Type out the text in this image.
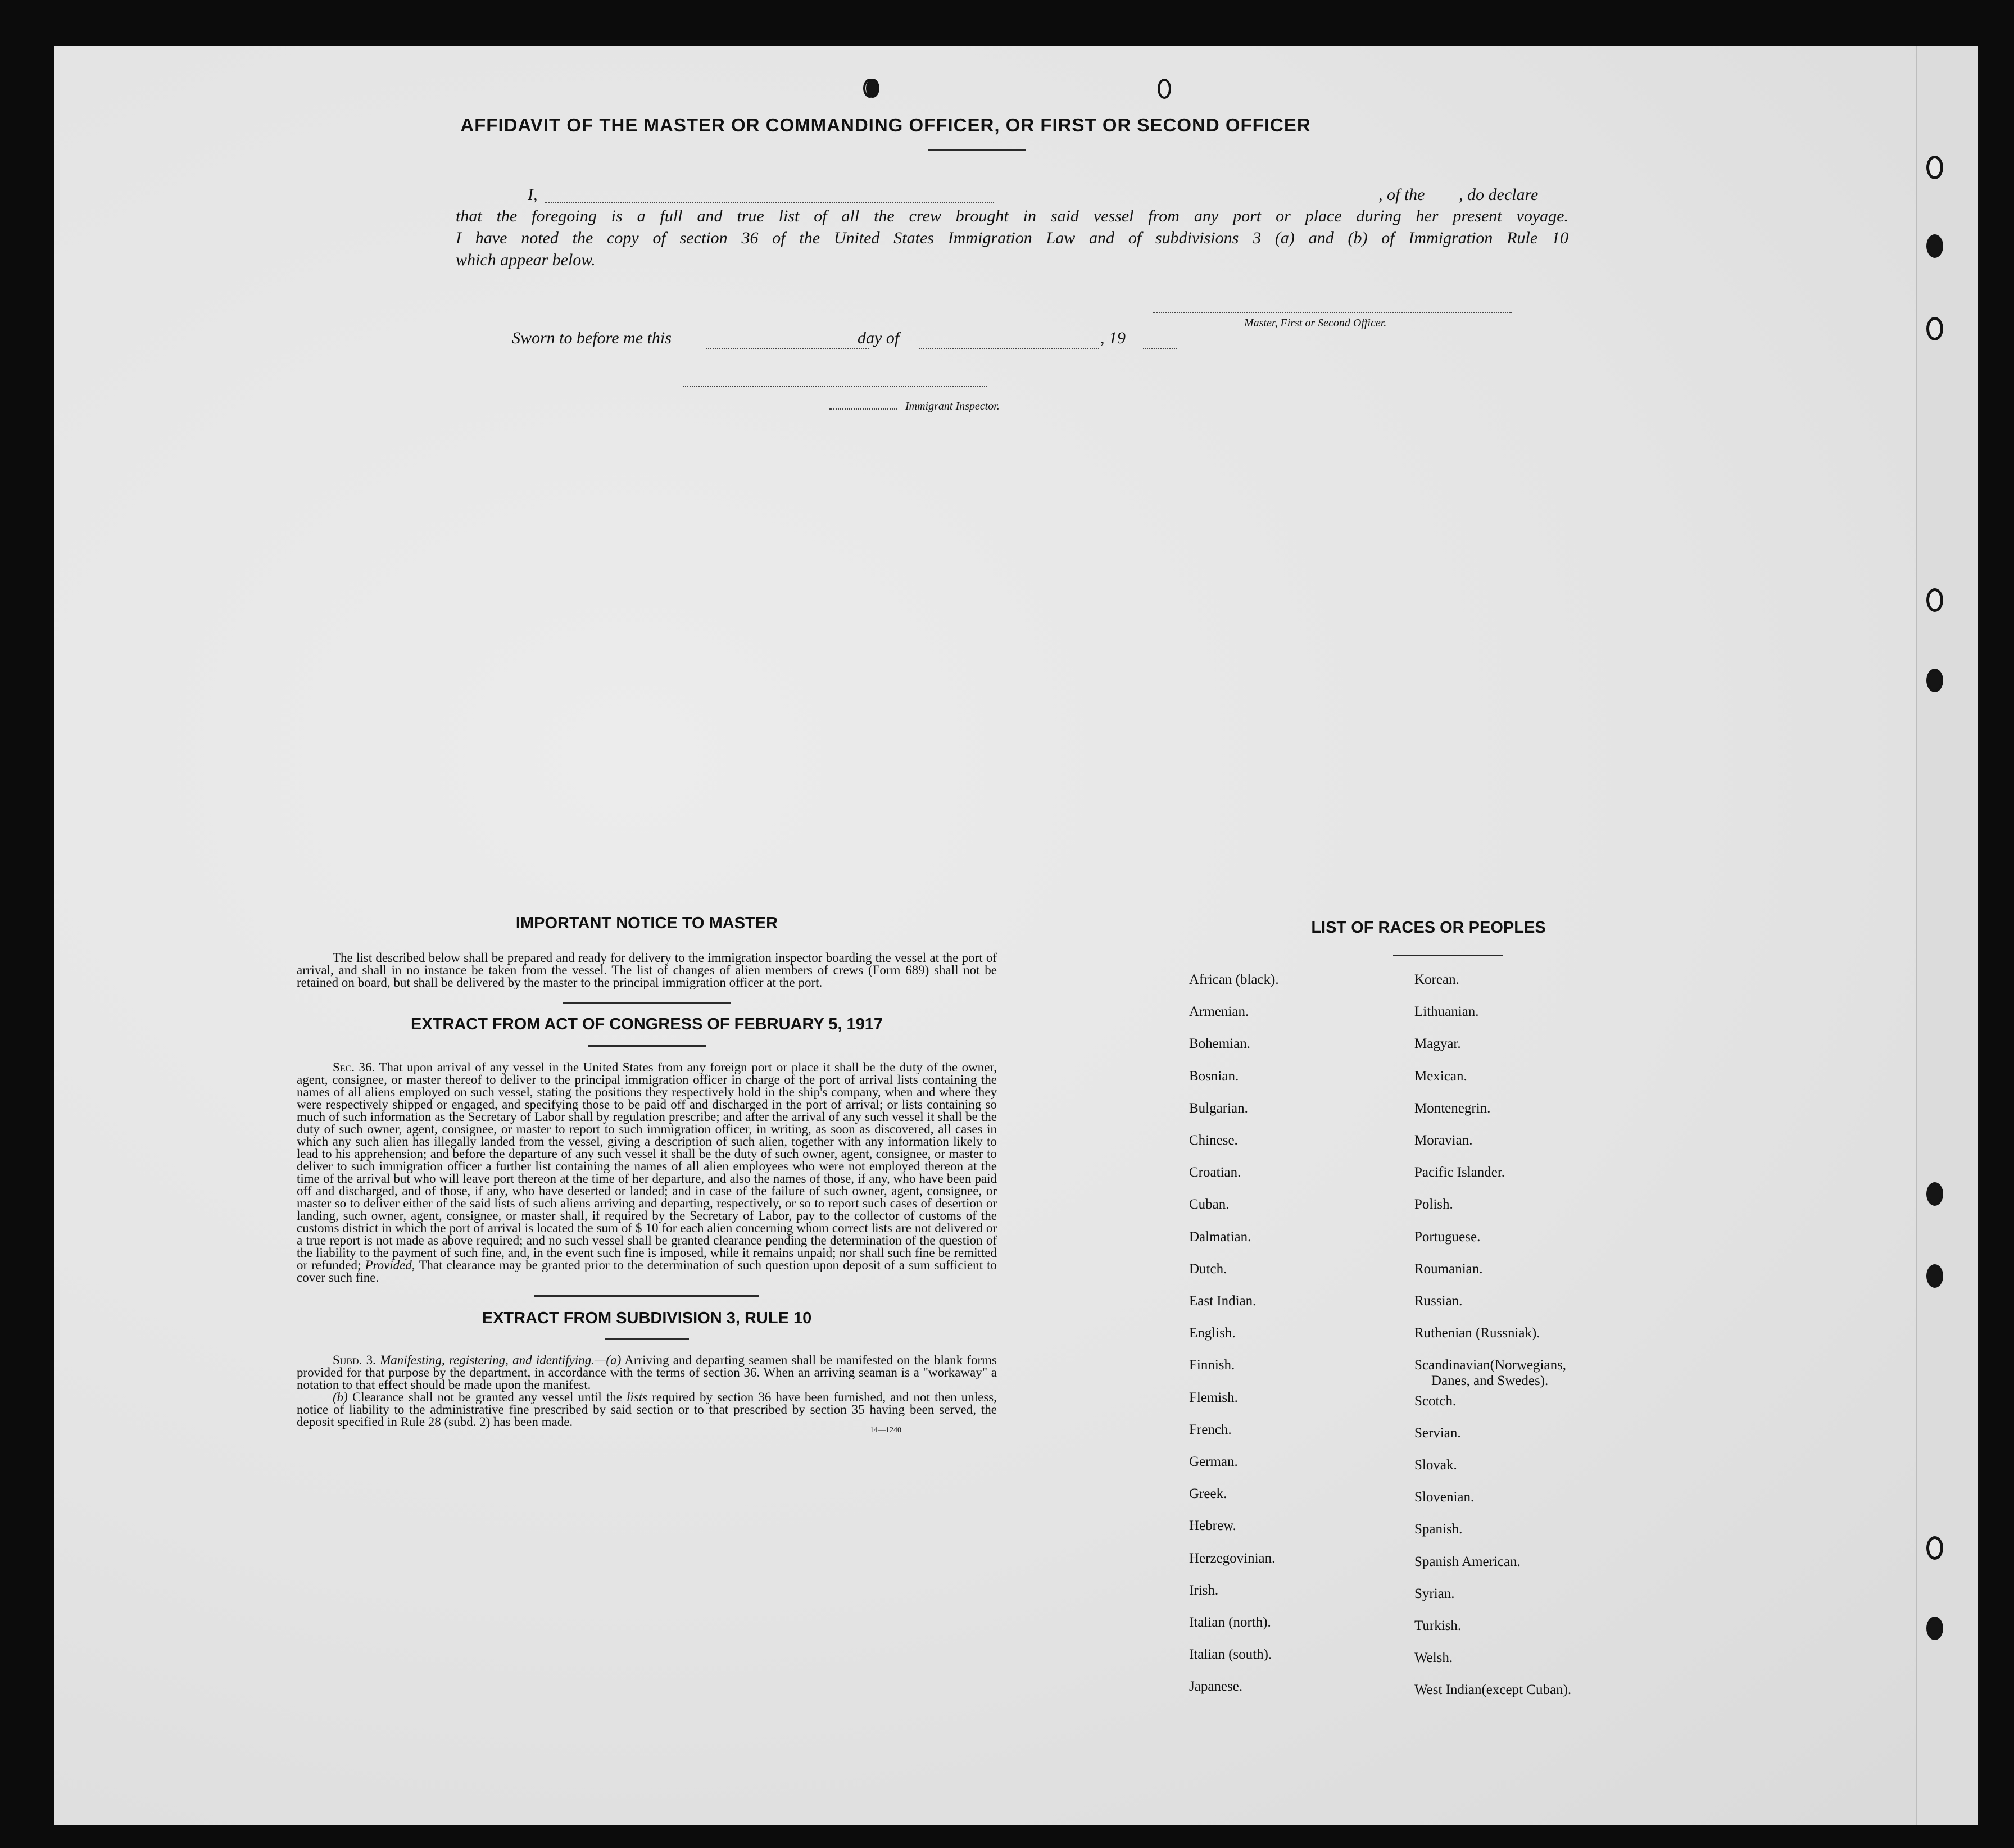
AFFIDAVIT OF THE MASTER OR COMMANDING OFFICER, OR FIRST OR SECOND OFFICER
I,	, of the , do declare
that the foregoing is a full and true list of all the crew brought in said vessel from any port or place during her present voyage.
I have noted the copy of section 36 of the United States Immigration Law and of subdivisions 3 (a) and (b) of Immigration Rule 10
which appear below.
Master, First or Second Officer.
Sworn to before me this	day of	, 19
Immigrant Inspector.
IMPORTANT NOTICE TO MASTER
The list described below shall be prepared and ready for delivery to the immigration inspector boarding the vessel at the port of arrival, and shall in no instance be taken from the vessel. The list of changes of alien members of crews (Form 689) shall not be retained on board, but shall be delivered by the master to the principal immigration officer at the port.
EXTRACT FROM ACT OF CONGRESS OF FEBRUARY 5, 1917
Sec. 36. That upon arrival of any vessel in the United States from any foreign port or place it shall be the duty of the owner, agent, consignee, or master thereof to deliver to the principal immigration officer in charge of the port of arrival lists containing the names of all aliens employed on such vessel, stating the positions they respectively hold in the ship's company, when and where they were respectively shipped or engaged, and specifying those to be paid off and discharged in the port of arrival; or lists containing so much of such information as the Secretary of Labor shall by regulation prescribe; and after the arrival of any such vessel it shall be the duty of such owner, agent, consignee, or master to report to such immigration officer, in writing, as soon as discovered, all cases in which any such alien has illegally landed from the vessel, giving a description of such alien, together with any information likely to lead to his apprehension; and before the departure of any such vessel it shall be the duty of such owner, agent, consignee, or master to deliver to such immigration officer a further list containing the names of all alien employees who were not employed thereon at the time of the arrival but who will leave port thereon at the time of her departure, and also the names of those, if any, who have been paid off and discharged, and of those, if any, who have deserted or landed; and in case of the failure of such owner, agent, consignee, or master so to deliver either of the said lists of such aliens arriving and departing, respectively, or so to report such cases of desertion or landing, such owner, agent, consignee, or master shall, if required by the Secretary of Labor, pay to the collector of customs of the customs district in which the port of arrival is located the sum of $ 10 for each alien concerning whom correct lists are not delivered or a true report is not made as above required; and no such vessel shall be granted clearance pending the determination of the question of the liability to the payment of such fine, and, in the event such fine is imposed, while it remains unpaid; nor shall such fine be remitted or refunded; Provided, That clearance may be granted prior to the determination of such question upon deposit of a sum sufficient to cover such fine.
EXTRACT FROM SUBDIVISION 3, RULE 10
Subd. 3. Manifesting, registering, and identifying.—(a) Arriving and departing seamen shall be manifested on the blank forms provided for that purpose by the department, in accordance with the terms of section 36. When an arriving seaman is a "workaway" a notation to that effect should be made upon the manifest.
(b) Clearance shall not be granted any vessel until the lists required by section 36 have been furnished, and not then unless, notice of liability to the administrative fine prescribed by said section or to that prescribed by section 35 having been served, the deposit specified in Rule 28 (subd. 2) has been made.
14—1240
LIST OF RACES OR PEOPLES
African (black).
Armenian.
Bohemian.
Bosnian.
Bulgarian.
Chinese.
Croatian.
Cuban.
Dalmatian.
Dutch.
East Indian.
English.
Finnish.
Flemish.
French.
German.
Greek.
Hebrew.
Herzegovinian.
Irish.
Italian (north).
Italian (south).
Japanese.
Korean.
Lithuanian.
Magyar.
Mexican.
Montenegrin.
Moravian.
Pacific Islander.
Polish.
Portuguese.
Roumanian.
Russian.
Ruthenian (Russniak).
Scandinavian(Norwegians,
Danes, and Swedes).
Scotch.
Servian.
Slovak.
Slovenian.
Spanish.
Spanish American.
Syrian.
Turkish.
Welsh.
West Indian(except Cuban).
